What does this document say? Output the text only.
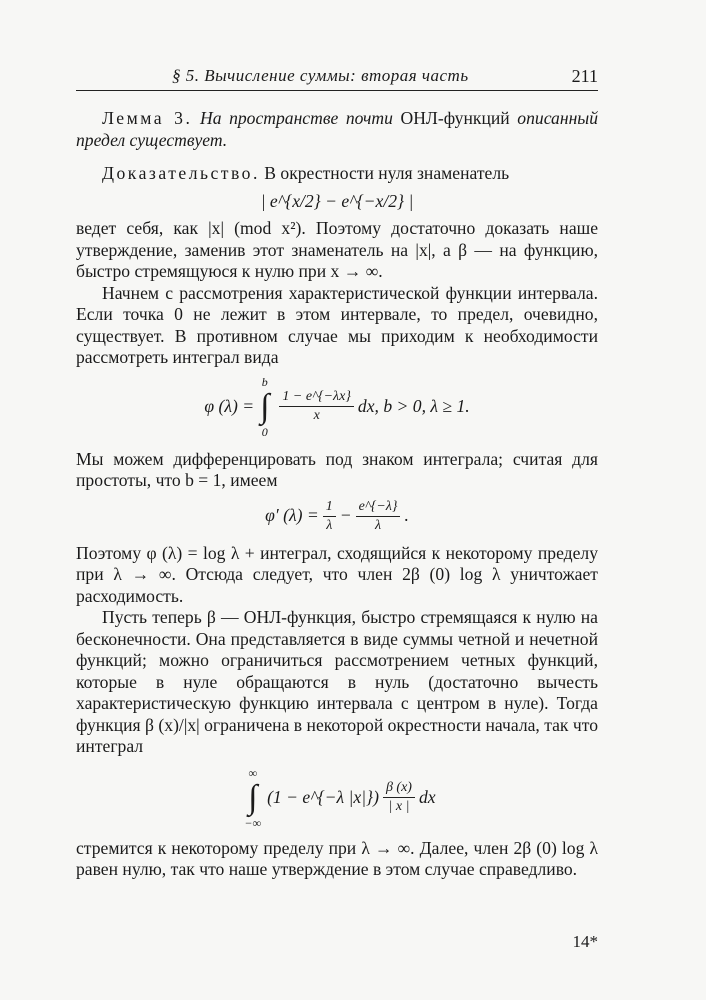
§ 5. Вычисление суммы: вторая часть	211

Лемма 3. На пространстве почти ОНЛ-функций описанный предел существует.

Доказательство. В окрестности нуля знаменатель

| e^{x/2} − e^{−x/2} |

ведет себя, как |x| (mod x²). Поэтому достаточно доказать наше утверждение, заменив этот знаменатель на |x|, а β — на функцию, быстро стремящуюся к нулю при x → ∞.

Начнем с рассмотрения характеристической функции интервала. Если точка 0 не лежит в этом интервале, то предел, очевидно, существует. В противном случае мы приходим к необходимости рассмотреть интеграл вида

φ (λ) =
b
∫
0
$\frac{1 - e\^{}\{-\lambda x\}}{x}$ dx, b > 0, λ ≥ 1.

Мы можем дифференцировать под знаком интеграла; считая для простоты, что b = 1, имеем

φ′ $(\lambda) = \frac{1}{\lambda} - \frac{e\^{}\{-\lambda\}}{\lambda}$ .

Поэтому φ (λ) = log λ + интеграл, сходящийся к некоторому пределу при λ → ∞. Отсюда следует, что член 2β (0) log λ уничтожает расходимость.

Пусть теперь β — ОНЛ-функция, быстро стремящаяся к нулю на бесконечности. Она представляется в виде суммы четной и нечетной функций; можно ограничиться рассмотрением четных функций, которые в нуле обращаются в нуль (достаточно вычесть характеристическую функцию интервала с центром в нуле). Тогда функция β (x)/|x| ограничена в некоторой окрестности начала, так что интеграл

∞
∫
−∞
(1 − e^{−λ $|x|\}) \frac{\beta (x)}{| x |}$ dx

стремится к некоторому пределу при λ → ∞. Далее, член 2β (0) log λ равен нулю, так что наше утверждение в этом случае справедливо.

14*
